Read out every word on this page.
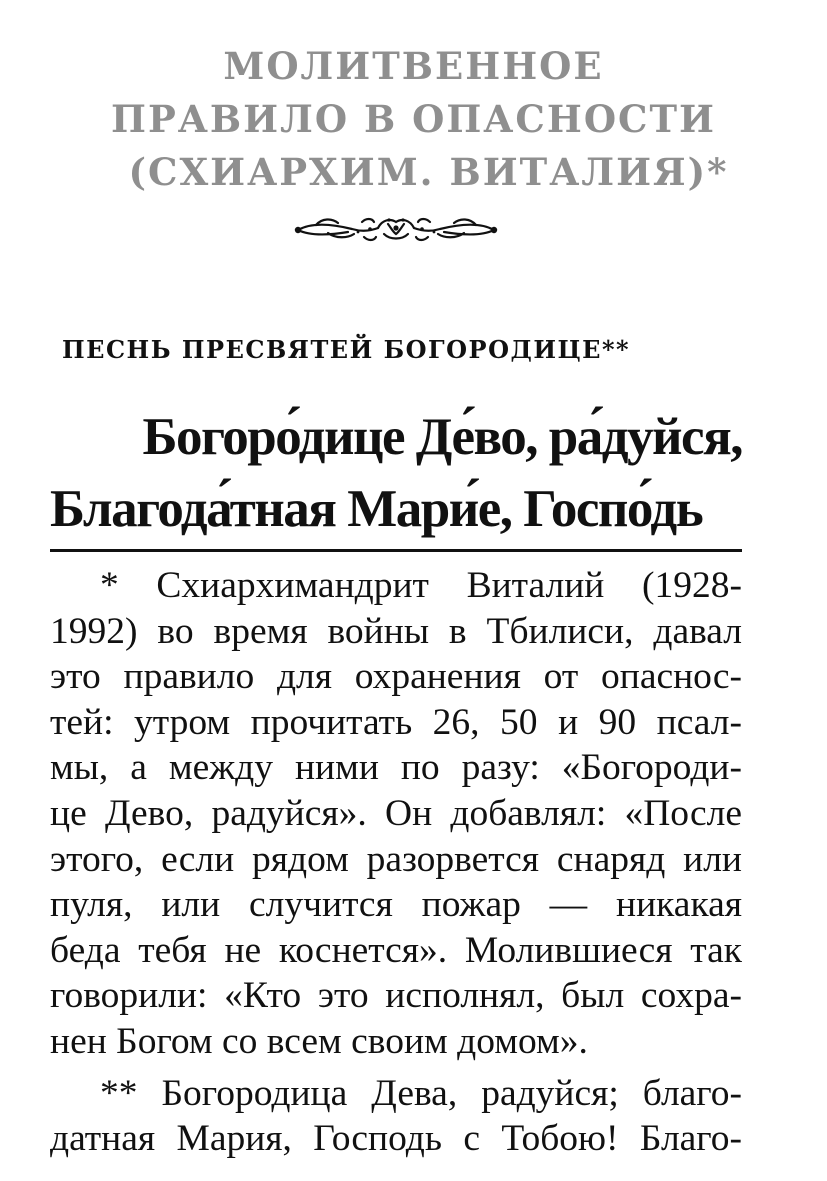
МОЛИТВЕННОЕ
ПРАВИЛО В ОПАСНОСТИ
(СХИАРХИМ. ВИТАЛИЯ)*
ПЕСНЬ ПРЕСВЯТЕЙ БОГОРОДИЦЕ**
Богоро́дице Де́во, ра́дуйся,
Благода́тная Мари́е, Госпо́дь
* Схиархимандрит Виталий (1928-
1992) во время войны в Тбилиси, давал
это правило для охранения от опаснос-
тей: утром прочитать 26, 50 и 90 псал-
мы, а между ними по разу: «Богороди-
це Дево, радуйся». Он добавлял: «После
этого, если рядом разорвется снаряд или
пуля, или случится пожар — никакая
беда тебя не коснется». Молившиеся так
говорили: «Кто это исполнял, был сохра-
нен Богом со всем своим домом».
** Богородица Дева, радуйся; благо-
датная Мария, Господь с Тобою! Благо-
